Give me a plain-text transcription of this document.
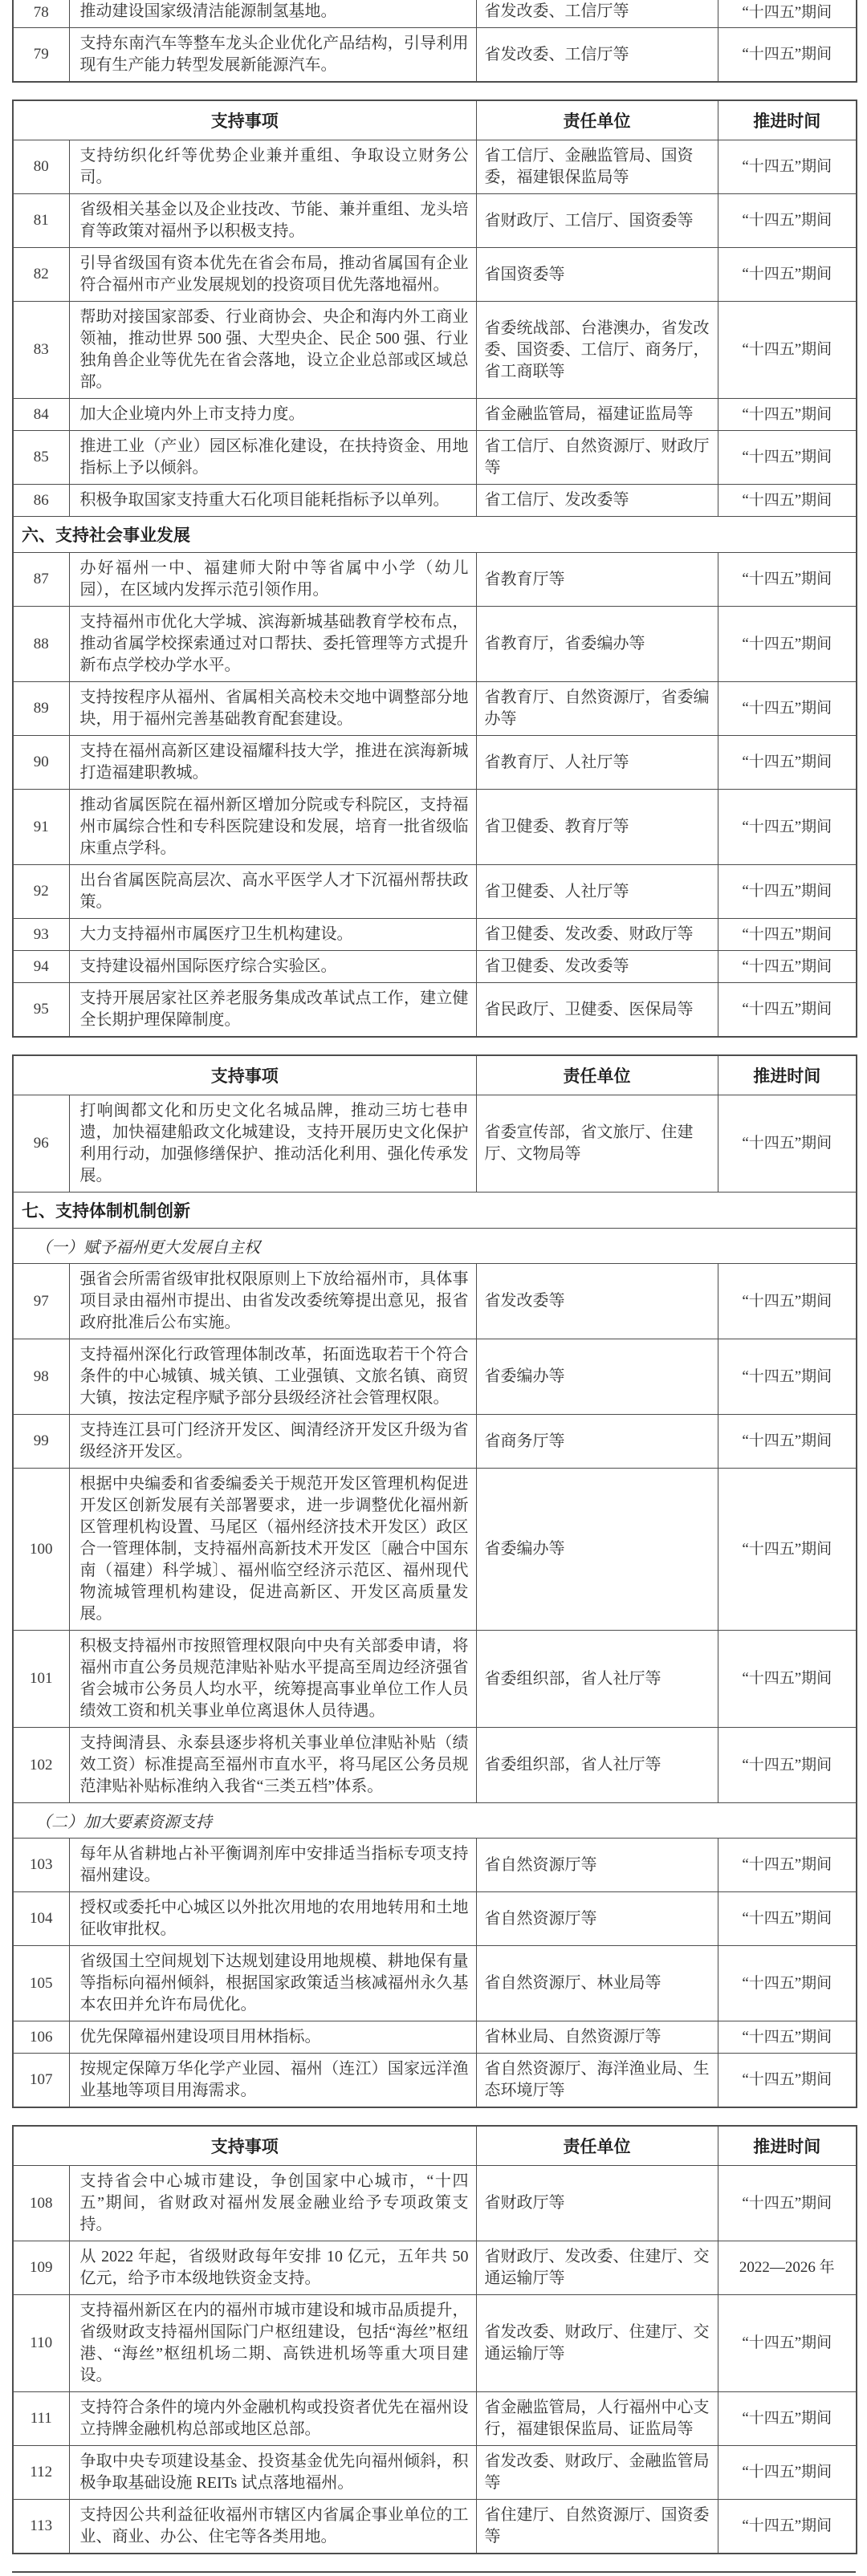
78	推动建设国家级清洁能源制氢基地。	省发改委、工信厅等	“十四五”期间
79	支持东南汽车等整车龙头企业优化产品结构，引导利用现有生产能力转型发展新能源汽车。	省发改委、工信厅等	“十四五”期间
支持事项		责任单位	推进时间
80	支持纺织化纤等优势企业兼并重组、争取设立财务公司。	省工信厅、金融监管局、国资委，福建银保监局等	“十四五”期间
81	省级相关基金以及企业技改、节能、兼并重组、龙头培育等政策对福州予以积极支持。	省财政厅、工信厅、国资委等	“十四五”期间
82	引导省级国有资本优先在省会布局，推动省属国有企业符合福州市产业发展规划的投资项目优先落地福州。	省国资委等	“十四五”期间
83	帮助对接国家部委、行业商协会、央企和海内外工商业领袖，推动世界 500 强、大型央企、民企 500 强、行业独角兽企业等优先在省会落地，设立企业总部或区域总部。	省委统战部、台港澳办，省发改委、国资委、工信厅、商务厅，省工商联等	“十四五”期间
84	加大企业境内外上市支持力度。	省金融监管局，福建证监局等	“十四五”期间
85	推进工业（产业）园区标准化建设，在扶持资金、用地指标上予以倾斜。	省工信厅、自然资源厅、财政厅等	“十四五”期间
86	积极争取国家支持重大石化项目能耗指标予以单列。	省工信厅、发改委等	“十四五”期间
六、支持社会事业发展			
87	办好福州一中、福建师大附中等省属中小学（幼儿园），在区域内发挥示范引领作用。	省教育厅等	“十四五”期间
88	支持福州市优化大学城、滨海新城基础教育学校布点，推动省属学校探索通过对口帮扶、委托管理等方式提升新布点学校办学水平。	省教育厅，省委编办等	“十四五”期间
89	支持按程序从福州、省属相关高校未交地中调整部分地块，用于福州完善基础教育配套建设。	省教育厅、自然资源厅，省委编办等	“十四五”期间
90	支持在福州高新区建设福耀科技大学，推进在滨海新城打造福建职教城。	省教育厅、人社厅等	“十四五”期间
91	推动省属医院在福州新区增加分院或专科院区，支持福州市属综合性和专科医院建设和发展，培育一批省级临床重点学科。	省卫健委、教育厅等	“十四五”期间
92	出台省属医院高层次、高水平医学人才下沉福州帮扶政策。	省卫健委、人社厅等	“十四五”期间
93	大力支持福州市属医疗卫生机构建设。	省卫健委、发改委、财政厅等	“十四五”期间
94	支持建设福州国际医疗综合实验区。	省卫健委、发改委等	“十四五”期间
95	支持开展居家社区养老服务集成改革试点工作，建立健全长期护理保障制度。	省民政厅、卫健委、医保局等	“十四五”期间
支持事项		责任单位	推进时间
96	打响闽都文化和历史文化名城品牌，推动三坊七巷申遗，加快福建船政文化城建设，支持开展历史文化保护利用行动，加强修缮保护、推动活化利用、强化传承发展。	省委宣传部，省文旅厅、住建厅、文物局等	“十四五”期间
七、支持体制机制创新			
（一）赋予福州更大发展自主权			
97	强省会所需省级审批权限原则上下放给福州市，具体事项目录由福州市提出、由省发改委统筹提出意见，报省政府批准后公布实施。	省发改委等	“十四五”期间
98	支持福州深化行政管理体制改革，拓面选取若干个符合条件的中心城镇、城关镇、工业强镇、文旅名镇、商贸大镇，按法定程序赋予部分县级经济社会管理权限。	省委编办等	“十四五”期间
99	支持连江县可门经济开发区、闽清经济开发区升级为省级经济开发区。	省商务厅等	“十四五”期间
100	根据中央编委和省委编委关于规范开发区管理机构促进开发区创新发展有关部署要求，进一步调整优化福州新区管理机构设置、马尾区（福州经济技术开发区）政区合一管理体制，支持福州高新技术开发区〔融合中国东南（福建）科学城〕、福州临空经济示范区、福州现代物流城管理机构建设，促进高新区、开发区高质量发展。	省委编办等	“十四五”期间
101	积极支持福州市按照管理权限向中央有关部委申请，将福州市直公务员规范津贴补贴水平提高至周边经济强省省会城市公务员人均水平，统筹提高事业单位工作人员绩效工资和机关事业单位离退休人员待遇。	省委组织部，省人社厅等	“十四五”期间
102	支持闽清县、永泰县逐步将机关事业单位津贴补贴（绩效工资）标准提高至福州市直水平，将马尾区公务员规范津贴补贴标准纳入我省“三类五档”体系。	省委组织部，省人社厅等	“十四五”期间
（二）加大要素资源支持			
103	每年从省耕地占补平衡调剂库中安排适当指标专项支持福州建设。	省自然资源厅等	“十四五”期间
104	授权或委托中心城区以外批次用地的农用地转用和土地征收审批权。	省自然资源厅等	“十四五”期间
105	省级国土空间规划下达规划建设用地规模、耕地保有量等指标向福州倾斜，根据国家政策适当核减福州永久基本农田并允许布局优化。	省自然资源厅、林业局等	“十四五”期间
106	优先保障福州建设项目用林指标。	省林业局、自然资源厅等	“十四五”期间
107	按规定保障万华化学产业园、福州（连江）国家远洋渔业基地等项目用海需求。	省自然资源厅、海洋渔业局、生态环境厅等	“十四五”期间
支持事项		责任单位	推进时间
108	支持省会中心城市建设，争创国家中心城市，“十四五”期间，省财政对福州发展金融业给予专项政策支持。	省财政厅等	“十四五”期间
109	从 2022 年起，省级财政每年安排 10 亿元，五年共 50 亿元，给予市本级地铁资金支持。	省财政厅、发改委、住建厅、交通运输厅等	2022—2026 年
110	支持福州新区在内的福州市城市建设和城市品质提升，省级财政支持福州国际门户枢纽建设，包括“海丝”枢纽港、“海丝”枢纽机场二期、高铁进机场等重大项目建设。	省发改委、财政厅、住建厅、交通运输厅等	“十四五”期间
111	支持符合条件的境内外金融机构或投资者优先在福州设立持牌金融机构总部或地区总部。	省金融监管局，人行福州中心支行，福建银保监局、证监局等	“十四五”期间
112	争取中央专项建设基金、投资基金优先向福州倾斜，积极争取基础设施 REITs 试点落地福州。	省发改委、财政厅、金融监管局等	“十四五”期间
113	支持因公共利益征收福州市辖区内省属企事业单位的工业、商业、办公、住宅等各类用地。	省住建厅、自然资源厅、国资委等	“十四五”期间
